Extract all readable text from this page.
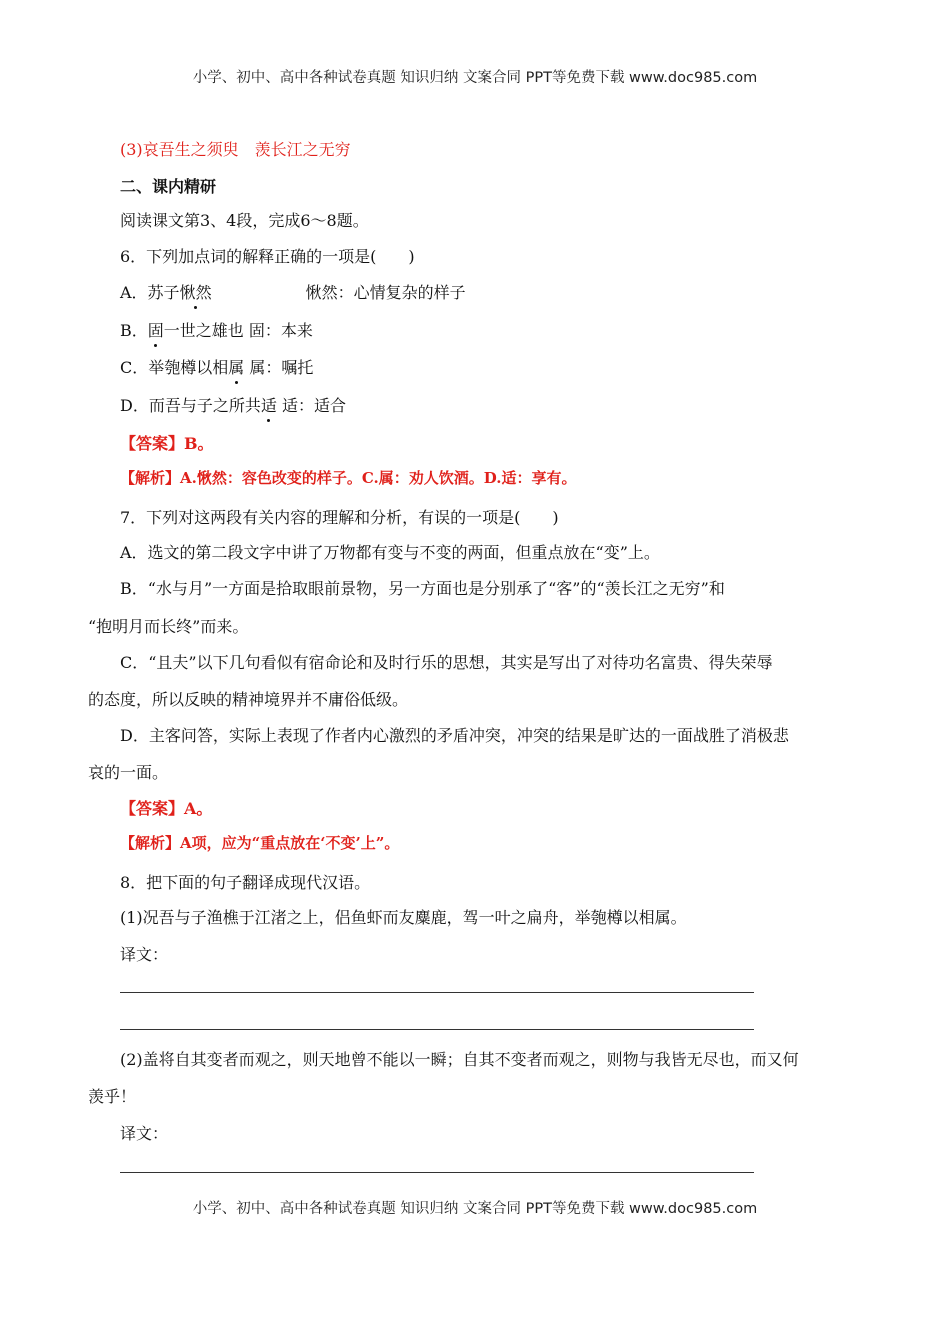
小学、初中、高中各种试卷真题 知识归纳 文案合同 PPT等免费下载 www.doc985.com
(3)哀吾生之须臾　羡长江之无穷
二、课内精研
阅读课文第3、4段，完成6～8题。
6．下列加点词的解释正确的一项是(　　)
A．苏子愀然	愀然：心情复杂的样子
B．固一世之雄也 固：本来
C．举匏樽以相属 属：嘱托
D．而吾与子之所共适 适：适合
【答案】B。
【解析】A.愀然：容色改变的样子。C.属：劝人饮酒。D.适：享有。
7．下列对这两段有关内容的理解和分析，有误的一项是(　　)
A．选文的第二段文字中讲了万物都有变与不变的两面，但重点放在“变”上。
B．“水与月”一方面是拾取眼前景物，另一方面也是分别承了“客”的“羡长江之无穷”和
“抱明月而长终”而来。
C．“且夫”以下几句看似有宿命论和及时行乐的思想，其实是写出了对待功名富贵、得失荣辱
的态度，所以反映的精神境界并不庸俗低级。
D．主客问答，实际上表现了作者内心激烈的矛盾冲突，冲突的结果是旷达的一面战胜了消极悲
哀的一面。
【答案】A。
【解析】A项，应为“重点放在‘不变’上”。
8．把下面的句子翻译成现代汉语。
(1)况吾与子渔樵于江渚之上，侣鱼虾而友麋鹿，驾一叶之扁舟，举匏樽以相属。
译文：
(2)盖将自其变者而观之，则天地曾不能以一瞬；自其不变者而观之，则物与我皆无尽也，而又何
羡乎！
译文：
小学、初中、高中各种试卷真题 知识归纳 文案合同 PPT等免费下载 www.doc985.com
